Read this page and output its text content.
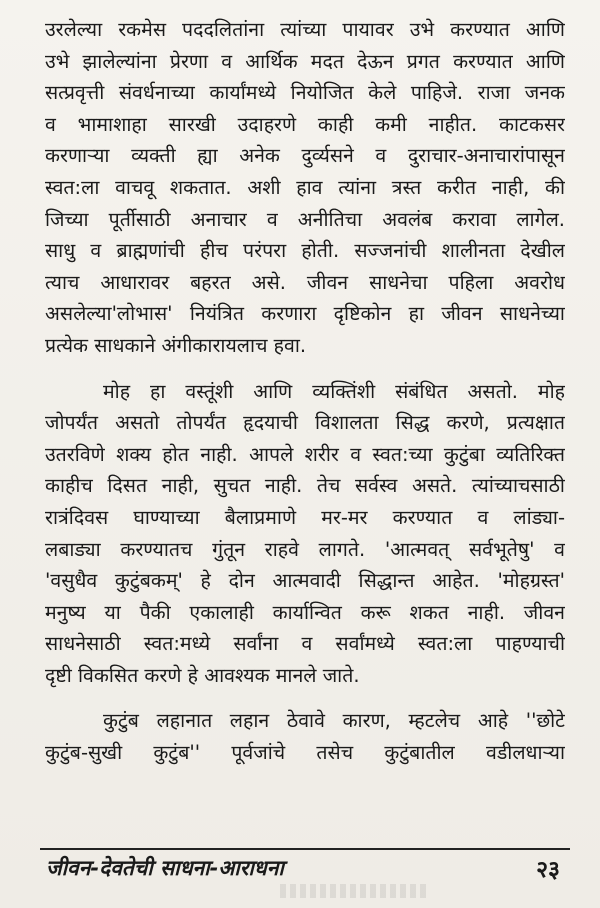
उरलेल्या रकमेस पददलितांना त्यांच्या पायावर उभे करण्यात आणि
उभे झालेल्यांना प्रेरणा व आर्थिक मदत देऊन प्रगत करण्यात आणि
सत्प्रवृत्ती संवर्धनाच्या कार्यांमध्ये नियोजित केले पाहिजे. राजा जनक
व भामाशाहा सारखी उदाहरणे काही कमी नाहीत. काटकसर
करणाऱ्या व्यक्ती ह्या अनेक दुर्व्यसने व दुराचार-अनाचारांपासून
स्वत:ला वाचवू शकतात. अशी हाव त्यांना त्रस्त करीत नाही, की
जिच्या पूर्तीसाठी अनाचार व अनीतिचा अवलंब करावा लागेल.
साधु व ब्राह्मणांची हीच परंपरा होती. सज्जनांची शालीनता देखील
त्याच आधारावर बहरत असे. जीवन साधनेचा पहिला अवरोध
असलेल्या'लोभास' नियंत्रित करणारा दृष्टिकोन हा जीवन साधनेच्या
प्रत्येक साधकाने अंगीकारायलाच हवा.

मोह हा वस्तूंशी आणि व्यक्तिंशी संबंधित असतो. मोह
जोपर्यंत असतो तोपर्यंत हृदयाची विशालता सिद्ध करणे, प्रत्यक्षात
उतरविणे शक्य होत नाही. आपले शरीर व स्वत:च्या कुटुंबा व्यतिरिक्त
काहीच दिसत नाही, सुचत नाही. तेच सर्वस्व असते. त्यांच्याचसाठी
रात्रंदिवस घाण्याच्या बैलाप्रमाणे मर-मर करण्यात व लांड्या-
लबाड्या करण्यातच गुंतून राहवे लागते. 'आत्मवत् सर्वभूतेषु' व
'वसुधैव कुटुंबकम्' हे दोन आत्मवादी सिद्धान्त आहेत. 'मोहग्रस्त'
मनुष्य या पैकी एकालाही कार्यान्वित करू शकत नाही. जीवन
साधनेसाठी स्वत:मध्ये सर्वांना व सर्वांमध्ये स्वत:ला पाहण्याची
दृष्टी विकसित करणे हे आवश्यक मानले जाते.

कुटुंब लहानात लहान ठेवावे कारण, म्हटलेच आहे ''छोटे
कुटुंब-सुखी कुटुंब'' पूर्वजांचे तसेच कुटुंबातील वडीलधाऱ्या

जीवन-देवतेची साधना-आराधना	२३
